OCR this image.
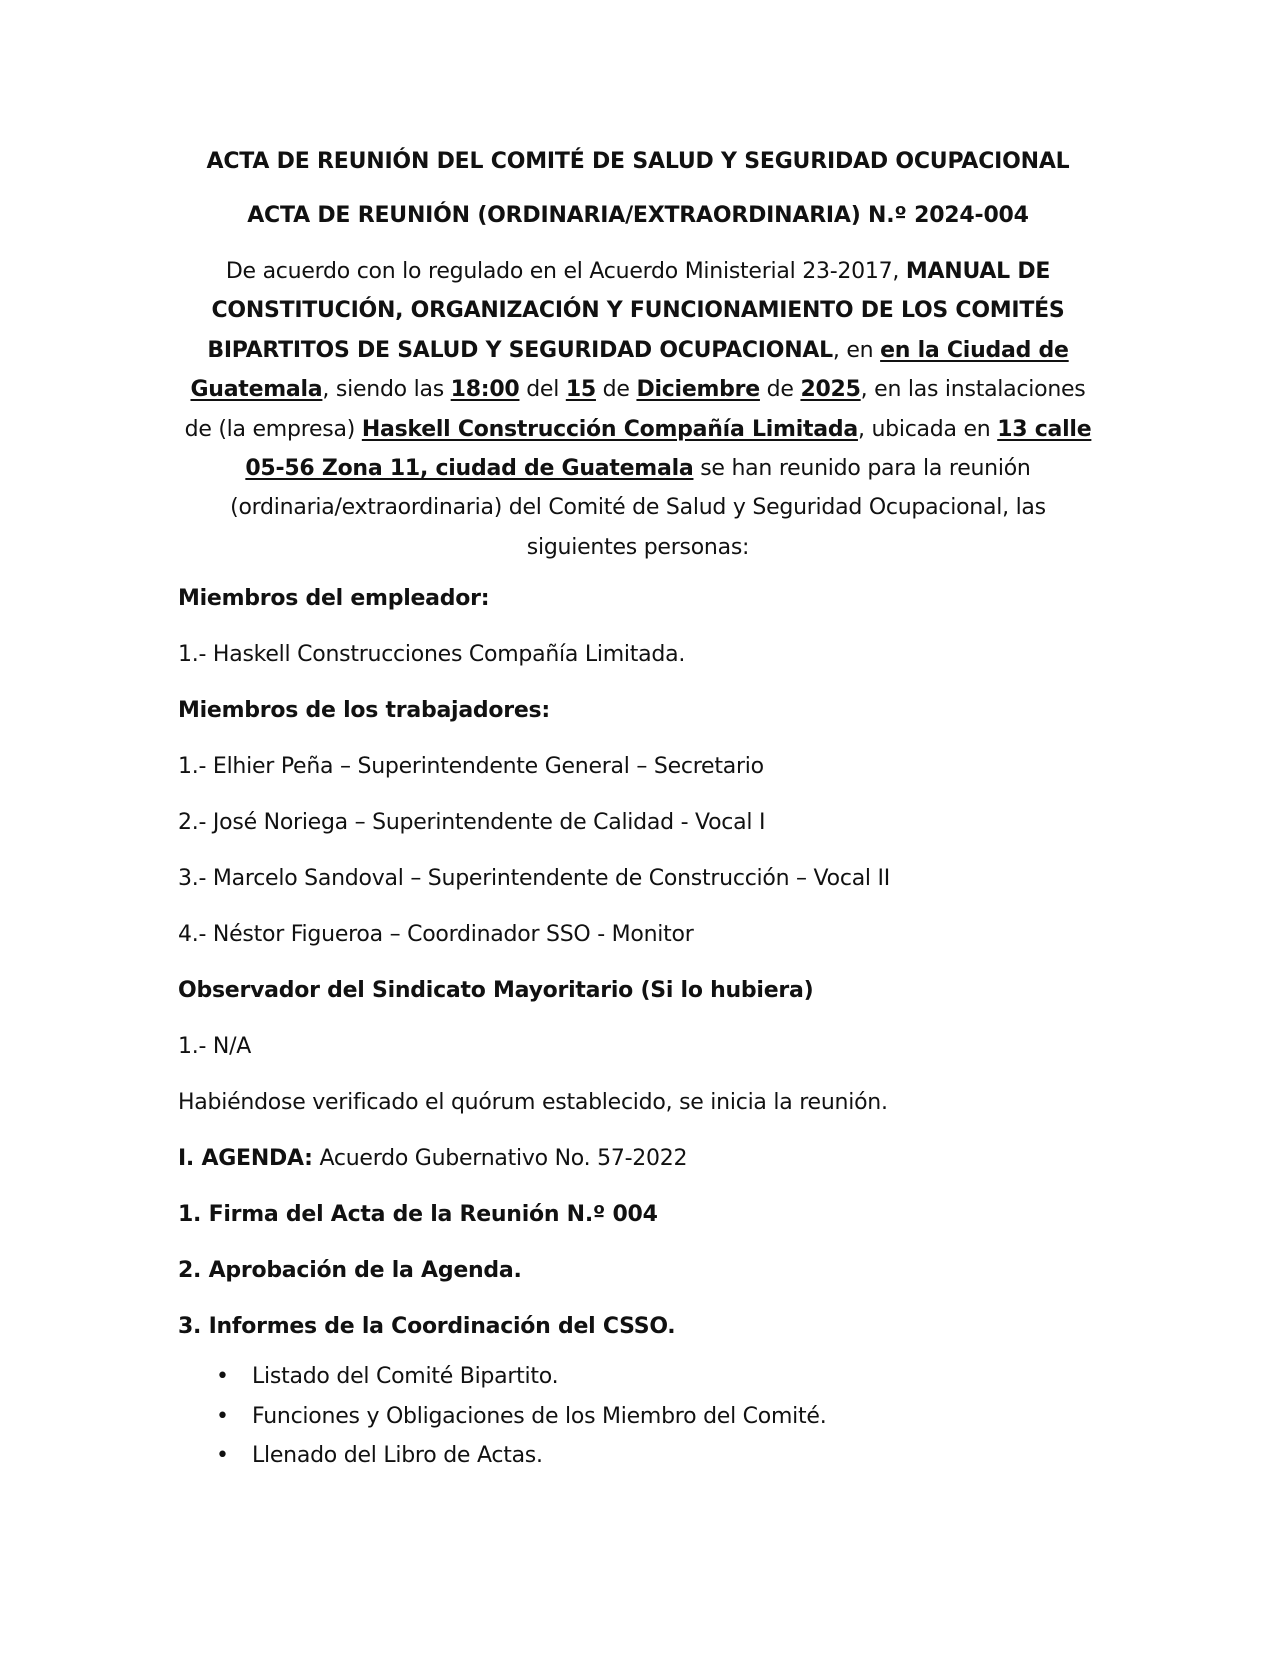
ACTA DE REUNIÓN DEL COMITÉ DE SALUD Y SEGURIDAD OCUPACIONAL
ACTA DE REUNIÓN (ORDINARIA/EXTRAORDINARIA) N.º 2024-004
De acuerdo con lo regulado en el Acuerdo Ministerial 23-2017, MANUAL DE CONSTITUCIÓN, ORGANIZACIÓN Y FUNCIONAMIENTO DE LOS COMITÉS BIPARTITOS DE SALUD Y SEGURIDAD OCUPACIONAL, en en la Ciudad de Guatemala, siendo las 18:00 del 15 de Diciembre de 2025, en las instalaciones de (la empresa) Haskell Construcción Compañía Limitada, ubicada en 13 calle 05-56 Zona 11, ciudad de Guatemala se han reunido para la reunión (ordinaria/extraordinaria) del Comité de Salud y Seguridad Ocupacional, las siguientes personas:
Miembros del empleador:
1.- Haskell Construcciones Compañía Limitada.
Miembros de los trabajadores:
1.- Elhier Peña – Superintendente General – Secretario
2.- José Noriega – Superintendente de Calidad - Vocal I
3.- Marcelo Sandoval – Superintendente de Construcción – Vocal II
4.- Néstor Figueroa – Coordinador SSO - Monitor
Observador del Sindicato Mayoritario (Si lo hubiera)
1.- N/A
Habiéndose verificado el quórum establecido, se inicia la reunión.
I. AGENDA: Acuerdo Gubernativo No. 57-2022
1. Firma del Acta de la Reunión N.º 004
2. Aprobación de la Agenda.
3. Informes de la Coordinación del CSSO.
• Listado del Comité Bipartito.
• Funciones y Obligaciones de los Miembro del Comité.
• Llenado del Libro de Actas.
